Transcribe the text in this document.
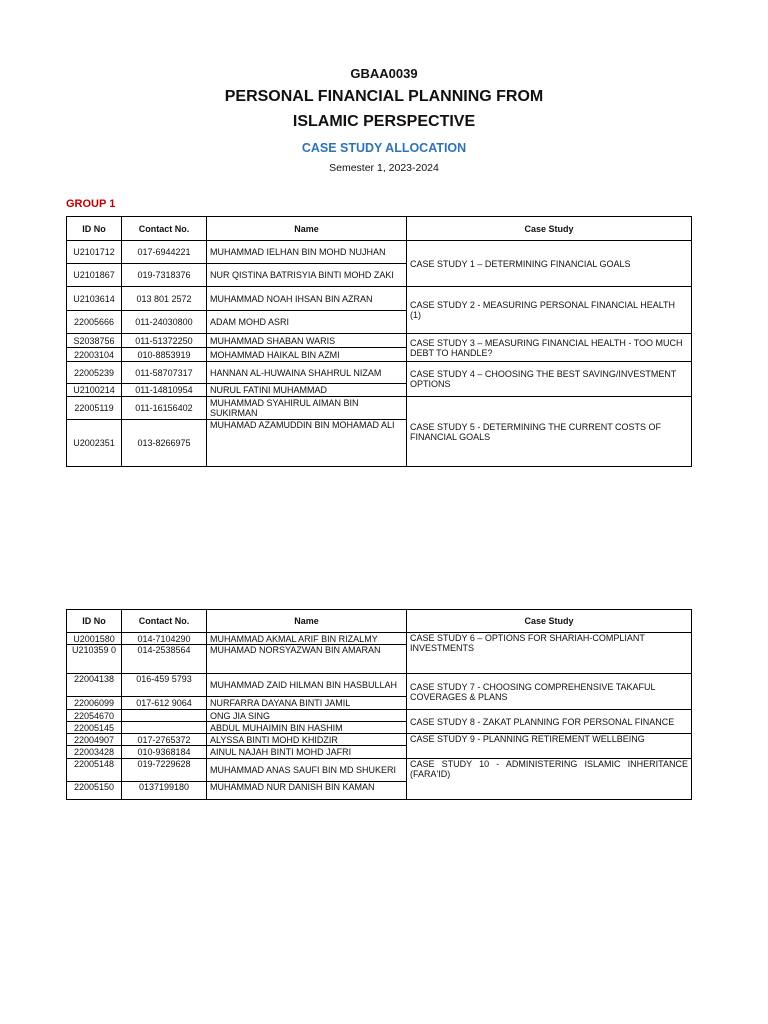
GBAA0039
PERSONAL FINANCIAL PLANNING FROM
ISLAMIC PERSPECTIVE
CASE STUDY ALLOCATION
Semester 1, 2023-2024
GROUP 1
ID No	Contact No.	Name	Case Study
U2101712	017-6944221	MUHAMMAD IELHAN BIN MOHD NUJHAN	CASE STUDY 1 – DETERMINING FINANCIAL GOALS
U2101867	019-7318376	NUR QISTINA BATRISYIA BINTI MOHD ZAKI	
U2103614	013 801 2572	MUHAMMAD NOAH IHSAN BIN AZRAN	CASE STUDY 2 - MEASURING PERSONAL FINANCIAL HEALTH (1)
22005666	011-24030800	ADAM MOHD ASRI	
S2038756	011-51372250	MUHAMMAD SHABAN WARIS	CASE STUDY 3 – MEASURING FINANCIAL HEALTH - TOO MUCH DEBT TO HANDLE?
22003104	010-8853919	MOHAMMAD HAIKAL BIN AZMI	
22005239	011-58707317	HANNAN AL-HUWAINA SHAHRUL NIZAM	CASE STUDY 4 – CHOOSING THE BEST SAVING/INVESTMENT OPTIONS
U2100214	011-14810954	NURUL FATINI MUHAMMAD	
22005119	011-16156402	MUHAMMAD SYAHIRUL AIMAN BIN SUKIRMAN	CASE STUDY 5 - DETERMINING THE CURRENT COSTS OF FINANCIAL GOALS
U2002351	013-8266975	MUHAMAD AZAMUDDIN BIN MOHAMAD ALI	
ID No	Contact No.	Name	Case Study
U2001580	014-7104290	MUHAMMAD AKMAL ARIF BIN RIZALMY	CASE STUDY 6 – OPTIONS FOR SHARIAH-COMPLIANT INVESTMENTS
U210359 0	014-2538564	MUHAMAD NORSYAZWAN BIN AMARAN	
22004138	016-459 5793	MUHAMMAD ZAID HILMAN BIN HASBULLAH	CASE STUDY 7 - CHOOSING COMPREHENSIVE TAKAFUL COVERAGES & PLANS
22006099	017-612 9064	NURFARRA DAYANA BINTI JAMIL	
22054670		ONG JIA SING	CASE STUDY 8 - ZAKAT PLANNING FOR PERSONAL FINANCE
22005145		ABDUL MUHAIMIN BIN HASHIM	
22004907	017-2765372	ALYSSA BINTI MOHD KHIDZIR	CASE STUDY 9 - PLANNING RETIREMENT WELLBEING
22003428	010-9368184	AINUL NAJAH BINTI MOHD JAFRI	
22005148	019-7229628	MUHAMMAD ANAS SAUFI BIN MD SHUKERI	CASE STUDY 10 - ADMINISTERING ISLAMIC INHERITANCE (FARA'ID)
22005150	0137199180	MUHAMMAD NUR DANISH BIN KAMAN	
